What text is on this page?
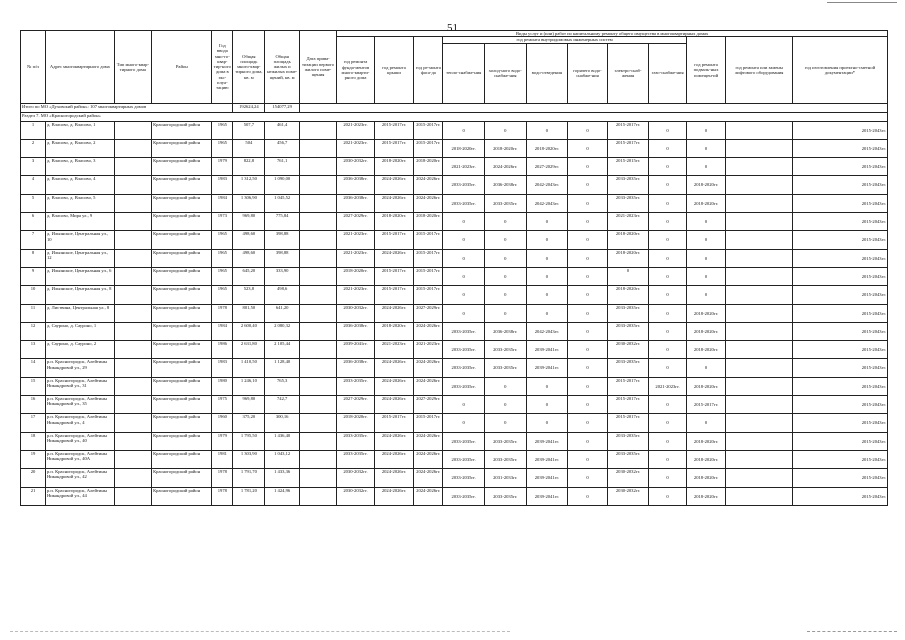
51
№ п/п	Адрес многоквартирного дома	Тип много-квар-тирного дома	Район	Год ввода мно-го-квар-тир-ного дома в экс-плуа-тацию	Общая площадь много-квар-тирного дома, кв. м	Общая площадь жилых и нежилых поме-щений, кв. м	Дата прива-тизации первого жилого поме-щения	Виды услуг и (или) работ по капитальному ремонту общего имущества в многоквартирных домах											
								год ремонта фунда-ментов много-кварти-рного дома	год ремонта крыши	год ре-монта фаса-да	год ремонта внутридомовых инженерных систем						год ремонта подваль-ных помещен-ий	год ремонта или замены лифтового оборудования	год изготовления проектно-сметной документации*
											тепло-снабже-ния	холод-ного водо-снабже-ния	водо-отведения	горячего водо-снабже-ния	электро-снаб-жения	газо-снабже-ния			
Итого по МО «Духовский район»: 107 многоквартирных домов					192624,24	154077,29													
Раздел 7. МО «Красногородский район»																			
1	д. Власово, д. Власово, 1		Красногородский район	1965	507,7	461,4		2021-2023гг.	2015-2017гг.	2015-2017гг.	0	0	0	0	2015-2017гг.	0	0		2015-2043гг.
2	д. Власово, д. Власово, 2		Красногородский район	1965	504	456,7		2021-2023гг.	2015-2017гг.	2015-2017гг.	2018-2020гг.	2018-2020гг.	2018-2020гг.	0	2015-2017гг.	0	0		2015-2043гг.
3	д. Власово, д. Власово, 3		Красногородский район	1979	822,8	761,1		2030-2032гг.	2018-2020гг.	2018-2020гг.	2021-2023гг.	2024-2026гг.	2027-2029гг.	0	2015-2015гг.	0	0		2015-2043гг.
4	д. Власово, д. Власово, 4		Красногородский район	1983	1 312,50	1 090,00		2036-2038гг.	2024-2026гг.	2024-2026гг.	2033-2035гг.	2036-2038гг.	2042-2043гг.	0	2033-2035гг.	0	2018-2020гг.		2015-2043гг.
5	д. Власово, д. Власово, 5		Красногородский район	1984	1 306,90	1 045,52		2036-2038гг.	2024-2026гг.	2024-2026гг.	2033-2035гг.	2033-2035гг.	2042-2043гг.	0	2033-2035гг.	0	2018-2020гг.		2015-2043гг.
6	д. Власово, Мира ул., 9		Красногородский район	1973	969,80	775,84		2027-2029гг.	2018-2020гг.	2018-2020гг.	0	0	0	0	2021-2023гг.	0	0		2015-2043гг.
7	д. Ильинское, Центральная ул., 10		Красногородский район	1965	498,60	398,88		2021-2023гг.	2015-2017гг.	2015-2017гг.	0	0	0	0	2018-2020гг.	0	0		2015-2043гг.
8	д. Ильинское, Центральная ул., 12		Красногородский район	1965	498,60	398,88		2021-2023гг.	2024-2026гг.	2015-2017гг.	0	0	0	0	2018-2020гг.	0	0		2015-2043гг.
9	д. Ильинское, Центральная ул., 6		Красногородский район	1965	645,20	333,90		2018-2020гг.	2015-2017гг.	2015-2017гг.	0	0	0	0	0	0	0		2015-2043гг.
10	д. Ильинское, Центральная ул., 8		Красногородский район	1965	523,8	498,6		2021-2023гг.	2015-2017гг.	2015-2017гг.	0	0	0	0	2018-2020гг.	0	0		2015-2043гг.
11	д. Листвина, Центральная ул., 8		Красногородский район	1978	801,50	641,20		2030-2032гг.	2024-2026гг.	2027-2029гг.	0	0	0	0	2033-2035гг.	0	2018-2020гг.		2015-2043гг.
12	д. Сауроно, д. Сауроно, 1		Красногородский район	1984	2 600,40	2 080,32		2036-2038гг.	2018-2020гг.	2024-2026гг.	2033-2035гг.	2036-2038гг.	2042-2043гг.	0	2033-2035гг.	0	2018-2020гг.		2015-2043гг.
13	д. Сауроно, д. Сауроно, 2		Красногородский район	1986	2 631,80	2 105,44		2039-2041гг.	2021-2023гг.	2021-2023гг.	2033-2035гг.	2033-2035гг.	2039-2041гг.	0	2030-2032гг.	0	2018-2020гг.		2015-2043гг.
14	р.п. Красногородск, Алейтины Никандровой ул., 29		Красногородский район	1983	1 410,50	1 128,40		2036-2038гг.	2024-2026гг.	2024-2026гг.	2033-2035гг.	2033-2035гг.	2039-2041гг.	0	2033-2035гг.	0	0		2015-2043гг.
15	р.п. Красногородск, Алейтины Никандровой ул., 31		Красногородский район	1980	1 246,10	765,3		2033-2035гг.	2024-2026гг.	2024-2026гг.	2033-2035гг.	0	0	0	2015-2017гг.	2021-2023гг.	2018-2020гг.		2015-2043гг.
16	р.п. Красногородск, Алейтины Никандровой ул., 35		Красногородский район	1975	969,80	742,7		2027-2029гг.	2024-2026гг.	2027-2029гг.	0	0	0	0	2015-2017гг.	0	2015-2017гг.		2015-2043гг.
17	р.п. Красногородск, Алейтины Никандровой ул., 4		Красногородский район	1960	375,20	300,16		2018-2020гг.	2015-2017гг.	2015-2017гг.	0	0	0	0	2015-2017гг.	0	0		2015-2043гг.
18	р.п. Красногородск, Алейтины Никандровой ул., 40		Красногородский район	1979	1 795,50	1 436,40		2033-2035гг.	2024-2026гг.	2024-2026гг.	2033-2035гг.	2033-2035гг.	2039-2041гг.	0	2033-2035гг.	0	2018-2020гг.		2015-2043гг.
19	р.п. Красногородск, Алейтины Никандровой ул., 40А		Красногородский район	1981	1 303,90	1 043,12		2033-2035гг.	2024-2026гг.	2024-2026гг.	2033-2035гг.	2033-2035гг.	2039-2041гг.	0	2033-2035гг.	0	2018-2020гг.		2015-2043гг.
20	р.п. Красногородск, Алейтины Никандровой ул., 42		Красногородский район	1978	1 791,70	1 433,36		2030-2032гг.	2024-2026гг.	2024-2026гг.	2033-2035гг.	2031-2033гг.	2039-2041гг.	0	2030-2032гг.	0	2018-2020гг.		2015-2043гг.
21	р.п. Красногородск, Алейтины Никандровой ул., 44		Красногородский район	1978	1 781,20	1 424,96		2030-2032гг.	2024-2026гг.	2024-2026гг.	2033-2035гг.	2033-2035гг.	2039-2041гг.	0	2030-2032гг.	0	2018-2020гг.		2015-2043гг.
